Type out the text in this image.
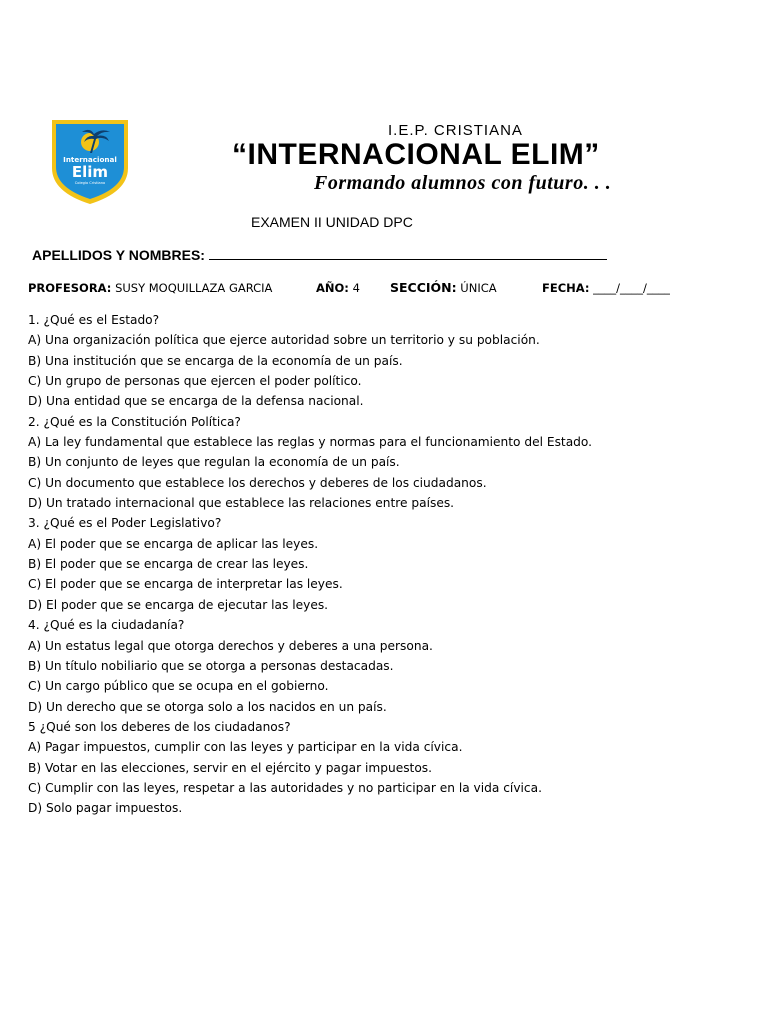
Internacional
Elim
Colegio Cristiano
I.E.P. CRISTIANA
“INTERNACIONAL ELIM”
Formando alumnos con futuro. . .
EXAMEN II UNIDAD DPC
APELLIDOS Y NOMBRES:
PROFESORA: SUSY MOQUILLAZA GARCIA	AÑO: 4 SECCIÓN: ÚNICA	FECHA: ____/____/____
1. ¿Qué es el Estado?
A) Una organización política que ejerce autoridad sobre un territorio y su población.
B) Una institución que se encarga de la economía de un país.
C) Un grupo de personas que ejercen el poder político.
D) Una entidad que se encarga de la defensa nacional.
2. ¿Qué es la Constitución Política?
A) La ley fundamental que establece las reglas y normas para el funcionamiento del Estado.
B) Un conjunto de leyes que regulan la economía de un país.
C) Un documento que establece los derechos y deberes de los ciudadanos.
D) Un tratado internacional que establece las relaciones entre países.
3. ¿Qué es el Poder Legislativo?
A) El poder que se encarga de aplicar las leyes.
B) El poder que se encarga de crear las leyes.
C) El poder que se encarga de interpretar las leyes.
D) El poder que se encarga de ejecutar las leyes.
4. ¿Qué es la ciudadanía?
A) Un estatus legal que otorga derechos y deberes a una persona.
B) Un título nobiliario que se otorga a personas destacadas.
C) Un cargo público que se ocupa en el gobierno.
D) Un derecho que se otorga solo a los nacidos en un país.
5 ¿Qué son los deberes de los ciudadanos?
A) Pagar impuestos, cumplir con las leyes y participar en la vida cívica.
B) Votar en las elecciones, servir en el ejército y pagar impuestos.
C) Cumplir con las leyes, respetar a las autoridades y no participar en la vida cívica.
D) Solo pagar impuestos.
